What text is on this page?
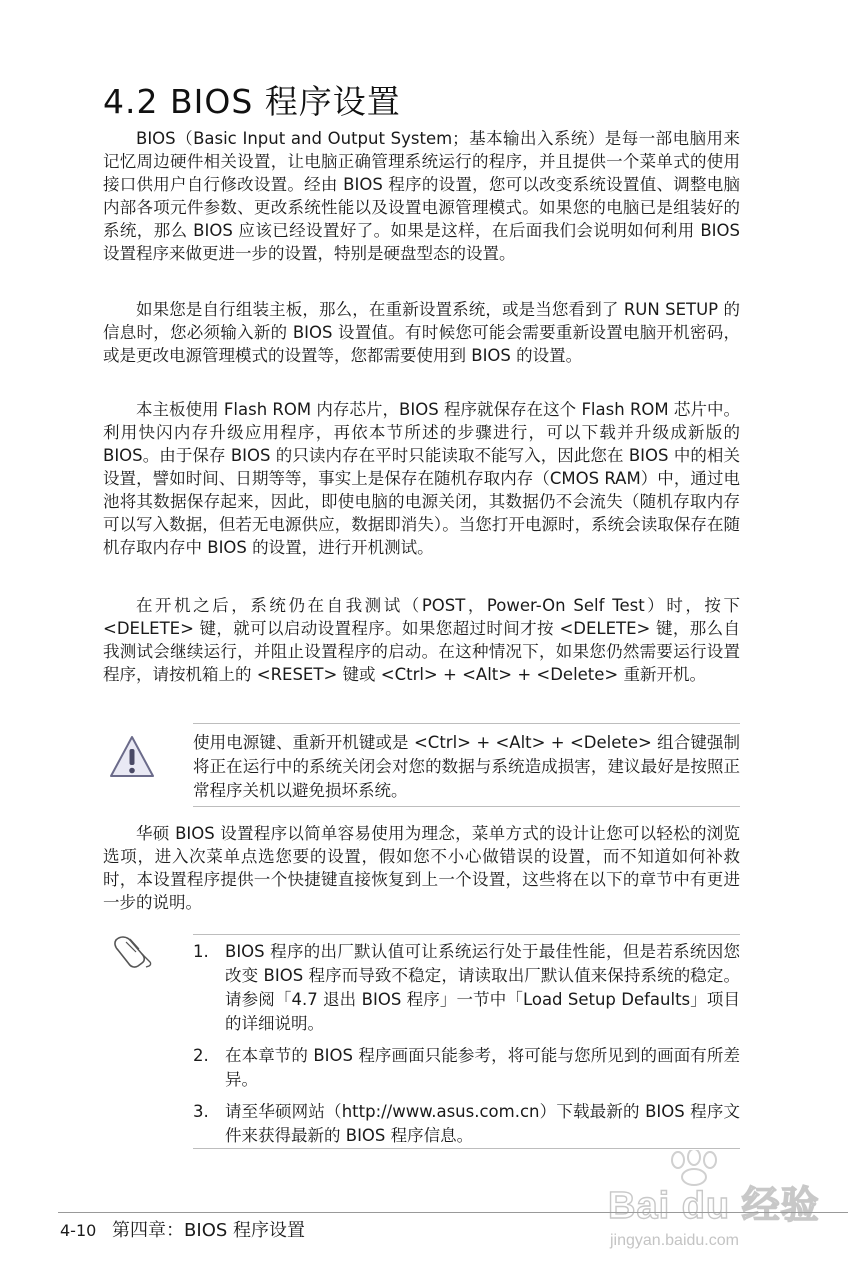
4.2 BIOS 程序设置

BIOS（Basic Input and Output System；基本输出入系统）是每一部电脑用来记忆周边硬件相关设置，让电脑正确管理系统运行的程序，并且提供一个菜单式的使用接口供用户自行修改设置。经由 BIOS 程序的设置，您可以改变系统设置值、调整电脑内部各项元件参数、更改系统性能以及设置电源管理模式。如果您的电脑已是组装好的系统，那么 BIOS 应该已经设置好了。如果是这样，在后面我们会说明如何利用 BIOS 设置程序来做更进一步的设置，特别是硬盘型态的设置。

如果您是自行组装主板，那么，在重新设置系统，或是当您看到了 RUN SETUP 的信息时，您必须输入新的 BIOS 设置值。有时候您可能会需要重新设置电脑开机密码，或是更改电源管理模式的设置等，您都需要使用到 BIOS 的设置。

本主板使用 Flash ROM 内存芯片，BIOS 程序就保存在这个 Flash ROM 芯片中。利用快闪内存升级应用程序，再依本节所述的步骤进行，可以下载并升级成新版的 BIOS。由于保存 BIOS 的只读内存在平时只能读取不能写入，因此您在 BIOS 中的相关设置，譬如时间、日期等等，事实上是保存在随机存取内存（CMOS RAM）中，通过电池将其数据保存起来，因此，即使电脑的电源关闭，其数据仍不会流失（随机存取内存可以写入数据，但若无电源供应，数据即消失）。当您打开电源时，系统会读取保存在随机存取内存中 BIOS 的设置，进行开机测试。

在开机之后，系统仍在自我测试（POST，Power-On Self Test）时，按下 <DELETE> 键，就可以启动设置程序。如果您超过时间才按 <DELETE> 键，那么自我测试会继续运行，并阻止设置程序的启动。在这种情况下，如果您仍然需要运行设置程序，请按机箱上的 <RESET> 键或 <Ctrl> + <Alt> + <Delete> 重新开机。

使用电源键、重新开机键或是 <Ctrl> + <Alt> + <Delete> 组合键强制将正在运行中的系统关闭会对您的数据与系统造成损害，建议最好是按照正常程序关机以避免损坏系统。

华硕 BIOS 设置程序以简单容易使用为理念，菜单方式的设计让您可以轻松的浏览选项，进入次菜单点选您要的设置，假如您不小心做错误的设置，而不知道如何补救时，本设置程序提供一个快捷键直接恢复到上一个设置，这些将在以下的章节中有更进一步的说明。

1. BIOS 程序的出厂默认值可让系统运行处于最佳性能，但是若系统因您改变 BIOS 程序而导致不稳定，请读取出厂默认值来保持系统的稳定。请参阅「4.7 退出 BIOS 程序」一节中「Load Setup Defaults」项目的详细说明。
2. 在本章节的 BIOS 程序画面只能参考，将可能与您所见到的画面有所差异。
3. 请至华硕网站（http://www.asus.com.cn）下载最新的 BIOS 程序文件来获得最新的 BIOS 程序信息。
Bai du 经验
jingyan.baidu.com
4-10 第四章：BIOS 程序设置
